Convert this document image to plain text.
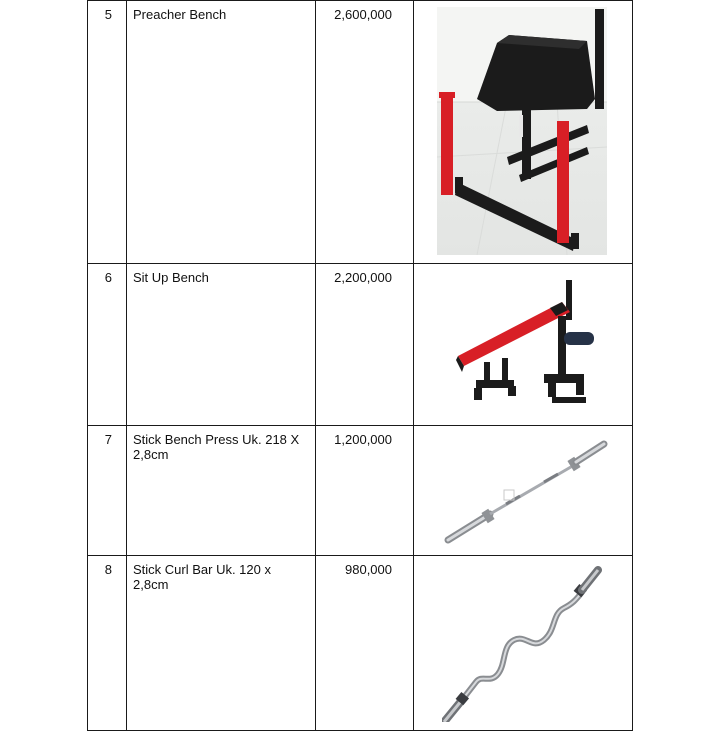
5	Preacher Bench	2,600,000

6	Sit Up Bench	2,200,000

7	Stick Bench Press Uk. 218 X 2,8cm	1,200,000

8	Stick Curl Bar Uk. 120 x 2,8cm	980,000
